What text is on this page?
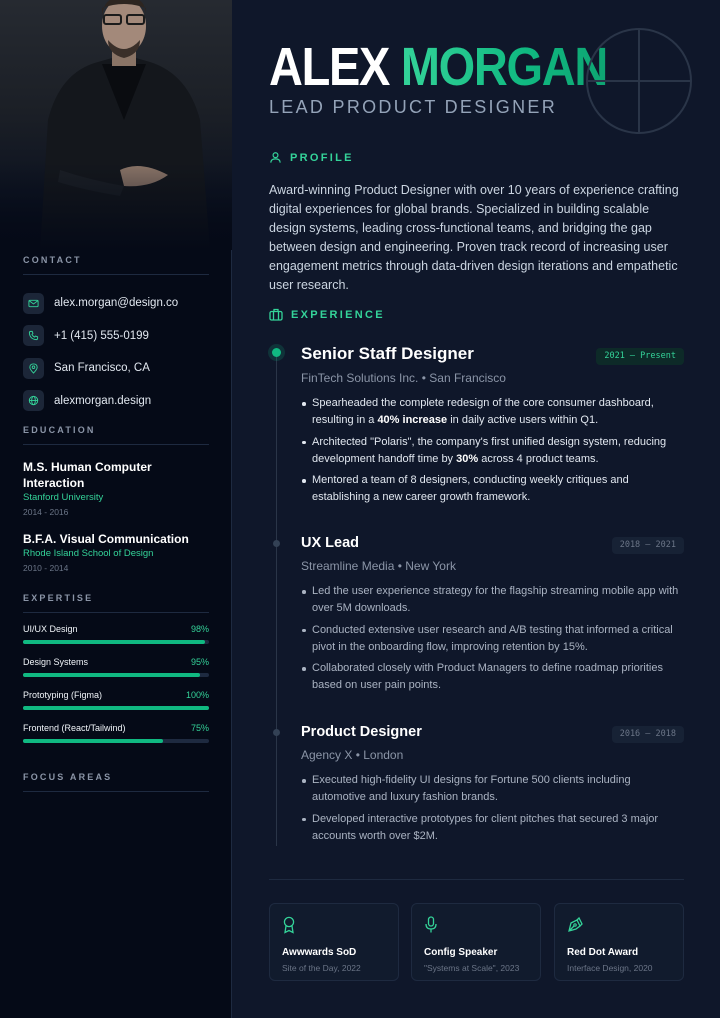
CONTACT
alex.morgan@design.co
+1 (415) 555-0199
San Francisco, CA
alexmorgan.design
EDUCATION
M.S. Human Computer Interaction
Stanford University
2014 - 2016
B.F.A. Visual Communication
Rhode Island School of Design
2010 - 2014
EXPERTISE
UI/UX Design	98%
Design Systems	95%
Prototyping (Figma)	100%
Frontend (React/Tailwind)	75%
FOCUS AREAS
ALEX MORGAN
LEAD PRODUCT DESIGNER
PROFILE

Award-winning Product Designer with over 10 years of experience crafting digital experiences for global brands. Specialized in building scalable design systems, leading cross-functional teams, and bridging the gap between design and engineering. Proven track record of increasing user engagement metrics through data-driven design iterations and empathetic user research.

EXPERIENCE
Senior Staff Designer
FinTech Solutions Inc. • San Francisco
2021 – Present
Spearheaded the complete redesign of the core consumer dashboard, resulting in a 40% increase in daily active users within Q1.
Architected "Polaris", the company's first unified design system, reducing development handoff time by 30% across 4 product teams.
Mentored a team of 8 designers, conducting weekly critiques and establishing a new career growth framework.
UX Lead
Streamline Media • New York
2018 – 2021
Led the user experience strategy for the flagship streaming mobile app with over 5M downloads.
Conducted extensive user research and A/B testing that informed a critical pivot in the onboarding flow, improving retention by 15%.
Collaborated closely with Product Managers to define roadmap priorities based on user pain points.
Product Designer
Agency X • London
2016 – 2018
Executed high-fidelity UI designs for Fortune 500 clients including automotive and luxury fashion brands.
Developed interactive prototypes for client pitches that secured 3 major accounts worth over $2M.
Awwwards SoD
Site of the Day, 2022
Config Speaker
"Systems at Scale", 2023
Red Dot Award
Interface Design, 2020
